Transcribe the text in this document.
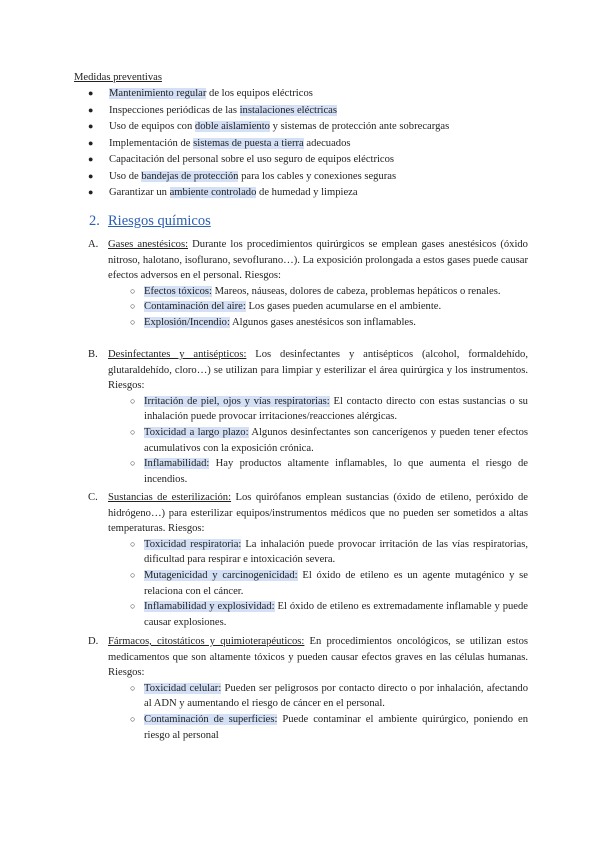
Medidas preventivas
● Mantenimiento regular de los equipos eléctricos
● Inspecciones periódicas de las instalaciones eléctricas
● Uso de equipos con doble aislamiento y sistemas de protección ante sobrecargas
● Implementación de sistemas de puesta a tierra adecuados
● Capacitación del personal sobre el uso seguro de equipos eléctricos
● Uso de bandejas de protección para los cables y conexiones seguras
● Garantizar un ambiente controlado de humedad y limpieza
2. Riesgos químicos
A. Gases anestésicos: Durante los procedimientos quirúrgicos se emplean gases anestésicos (óxido nitroso, halotano, isoflurano, sevoflurano…). La exposición prolongada a estos gases puede causar efectos adversos en el personal. Riesgos:
○ Efectos tóxicos: Mareos, náuseas, dolores de cabeza, problemas hepáticos o renales.
○ Contaminación del aire: Los gases pueden acumularse en el ambiente.
○ Explosión/Incendio: Algunos gases anestésicos son inflamables.
B. Desinfectantes y antisépticos: Los desinfectantes y antisépticos (alcohol, formaldehído, glutaraldehído, cloro…) se utilizan para limpiar y esterilizar el área quirúrgica y los instrumentos. Riesgos:
○ Irritación de piel, ojos y vías respiratorias: El contacto directo con estas sustancias o su inhalación puede provocar irritaciones/reacciones alérgicas.
○ Toxicidad a largo plazo: Algunos desinfectantes son cancerígenos y pueden tener efectos acumulativos con la exposición crónica.
○ Inflamabilidad: Hay productos altamente inflamables, lo que aumenta el riesgo de incendios.
C. Sustancias de esterilización: Los quirófanos emplean sustancias (óxido de etileno, peróxido de hidrógeno…) para esterilizar equipos/instrumentos médicos que no pueden ser sometidos a altas temperaturas. Riesgos:
○ Toxicidad respiratoria: La inhalación puede provocar irritación de las vías respiratorias, dificultad para respirar e intoxicación severa.
○ Mutagenicidad y carcinogenicidad: El óxido de etileno es un agente mutagénico y se relaciona con el cáncer.
○ Inflamabilidad y explosividad: El óxido de etileno es extremadamente inflamable y puede causar explosiones.
D. Fármacos, citostáticos y quimioterapéuticos: En procedimientos oncológicos, se utilizan estos medicamentos que son altamente tóxicos y pueden causar efectos graves en las células humanas. Riesgos:
○ Toxicidad celular: Pueden ser peligrosos por contacto directo o por inhalación, afectando al ADN y aumentando el riesgo de cáncer en el personal.
○ Contaminación de superficies: Puede contaminar el ambiente quirúrgico, poniendo en riesgo al personal
